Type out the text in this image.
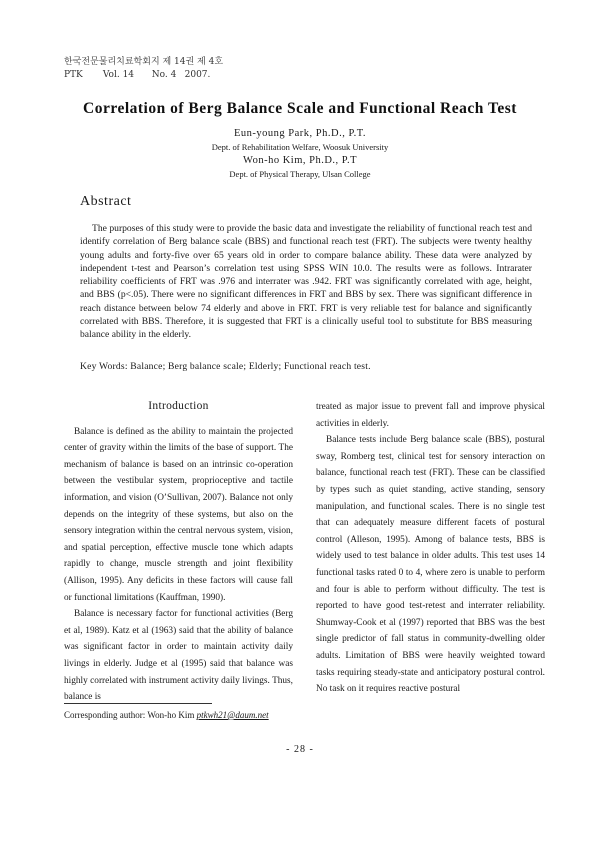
한국전문물리치료학회지 제 14권 제 4호
PTK Vol. 14 No. 4 2007.
Correlation of Berg Balance Scale and Functional Reach Test
Eun-young Park, Ph.D., P.T.
Dept. of Rehabilitation Welfare, Woosuk University
Won-ho Kim, Ph.D., P.T
Dept. of Physical Therapy, Ulsan College
Abstract
The purposes of this study were to provide the basic data and investigate the reliability of functional reach test and identify correlation of Berg balance scale (BBS) and functional reach test (FRT). The subjects were twenty healthy young adults and forty-five over 65 years old in order to compare balance ability. These data were analyzed by independent t-test and Pearson’s correlation test using SPSS WIN 10.0. The results were as follows. Intrarater reliability coefficients of FRT was .976 and interrater was .942. FRT was significantly correlated with age, height, and BBS (p<.05). There were no significant differences in FRT and BBS by sex. There was significant difference in reach distance between below 74 elderly and above in FRT. FRT is very reliable test for balance and significantly correlated with BBS. Therefore, it is suggested that FRT is a clinically useful tool to substitute for BBS measuring balance ability in the elderly.
Key Words: Balance; Berg balance scale; Elderly; Functional reach test.
Introduction

Balance is defined as the ability to maintain the projected center of gravity within the limits of the base of support. The mechanism of balance is based on an intrinsic co-operation between the vestibular system, proprioceptive and tactile information, and vision (O’Sullivan, 2007). Balance not only depends on the integrity of these systems, but also on the sensory integration within the central nervous system, vision, and spatial perception, effective muscle tone which adapts rapidly to change, muscle strength and joint flexibility (Allison, 1995). Any deficits in these factors will cause fall or functional limitations (Kauffman, 1990).

Balance is necessary factor for functional activities (Berg et al, 1989). Katz et al (1963) said that the ability of balance was significant factor in order to maintain activity daily livings in elderly. Judge et al (1995) said that balance was highly correlated with instrument activity daily livings. Thus, balance is

treated as major issue to prevent fall and improve physical activities in elderly.

Balance tests include Berg balance scale (BBS), postural sway, Romberg test, clinical test for sensory interaction on balance, functional reach test (FRT). These can be classified by types such as quiet standing, active standing, sensory manipulation, and functional scales. There is no single test that can adequately measure different facets of postural control (Alleson, 1995). Among of balance tests, BBS is widely used to test balance in older adults. This test uses 14 functional tasks rated 0 to 4, where zero is unable to perform and four is able to perform without difficulty. The test is reported to have good test-retest and interrater reliability. Shumway-Cook et al (1997) reported that BBS was the best single predictor of fall status in community-dwelling older adults. Limitation of BBS were heavily weighted toward tasks requiring steady-state and anticipatory postural control. No task on it requires reactive postural

Corresponding author: Won-ho Kim ptkwh21@daum.net
- 28 -
